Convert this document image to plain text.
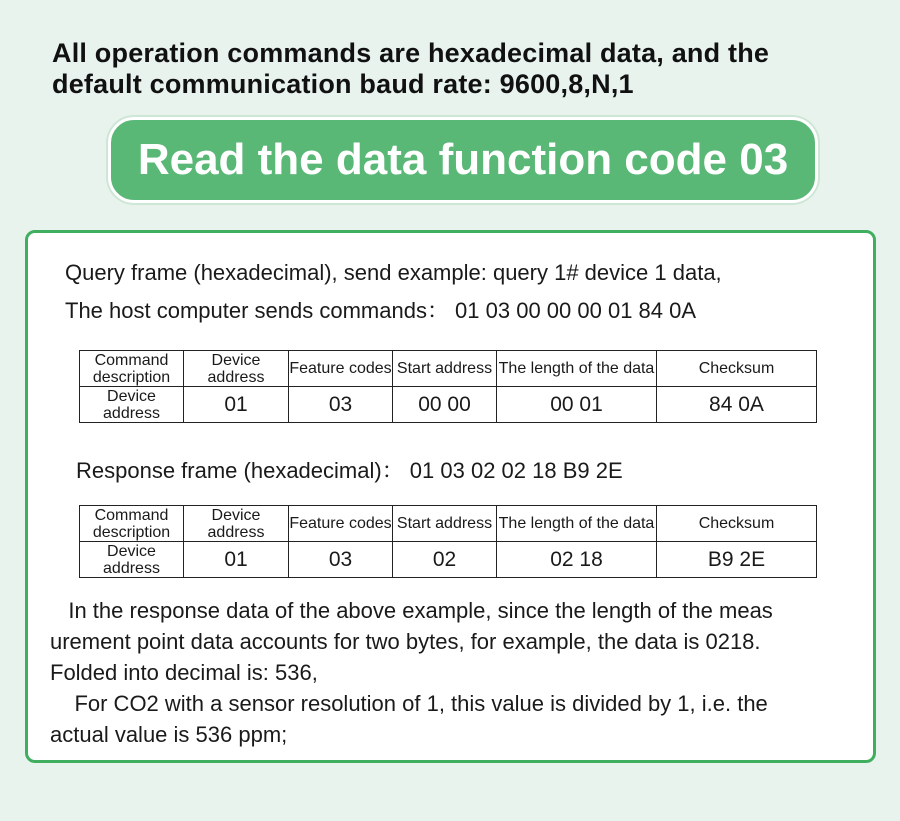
All operation commands are hexadecimal data, and the
default communication baud rate: 9600,8,N,1
Read the data function code 03
Query frame (hexadecimal), send example: query 1# device 1 data,
The host computer sends commands： 01 03 00 00 00 01 84 0A
Command description	Device address	Feature codes	Start address	The length of the data	Checksum
Device address	01	03	00 00	00 01	84 0A
Response frame (hexadecimal)： 01 03 02 02 18 B9 2E
Command description	Device address	Feature codes	Start address	The length of the data	Checksum
Device address	01	03	02	02 18	B9 2E
In the response data of the above example, since the length of the meas
urement point data accounts for two bytes, for example, the data is 0218.
Folded into decimal is: 536,
For CO2 with a sensor resolution of 1, this value is divided by 1, i.e. the
actual value is 536 ppm;
